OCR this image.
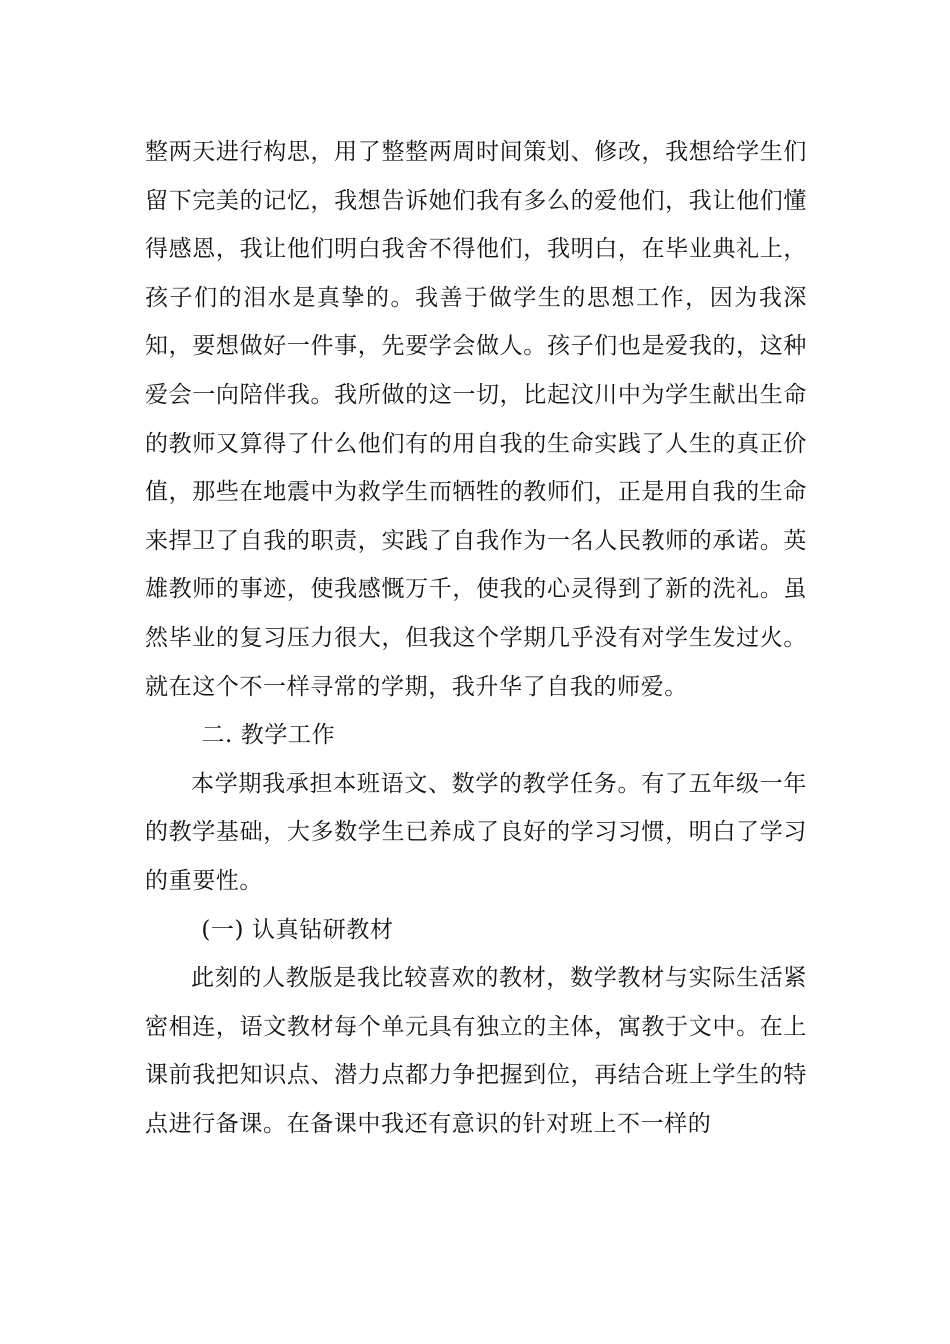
整两天进行构思，用了整整两周时间策划、修改，我想给学生们留下完美的记忆，我想告诉她们我有多么的爱他们，我让他们懂得感恩，我让他们明白我舍不得他们，我明白，在毕业典礼上，孩子们的泪水是真挚的。我善于做学生的思想工作，因为我深知，要想做好一件事，先要学会做人。孩子们也是爱我的，这种爱会一向陪伴我。我所做的这一切，比起汶川中为学生献出生命的教师又算得了什么他们有的用自我的生命实践了人生的真正价值，那些在地震中为救学生而牺牲的教师们，正是用自我的生命来捍卫了自我的职责，实践了自我作为一名人民教师的承诺。英雄教师的事迹，使我感慨万千，使我的心灵得到了新的洗礼。虽然毕业的复习压力很大，但我这个学期几乎没有对学生发过火。就在这个不一样寻常的学期，我升华了自我的师爱。

二. 教学工作

本学期我承担本班语文、数学的教学任务。有了五年级一年的教学基础，大多数学生已养成了良好的学习习惯，明白了学习的重要性。

(一) 认真钻研教材

此刻的人教版是我比较喜欢的教材，数学教材与实际生活紧密相连，语文教材每个单元具有独立的主体，寓教于文中。在上课前我把知识点、潜力点都力争把握到位，再结合班上学生的特点进行备课。在备课中我还有意识的针对班上不一样的
